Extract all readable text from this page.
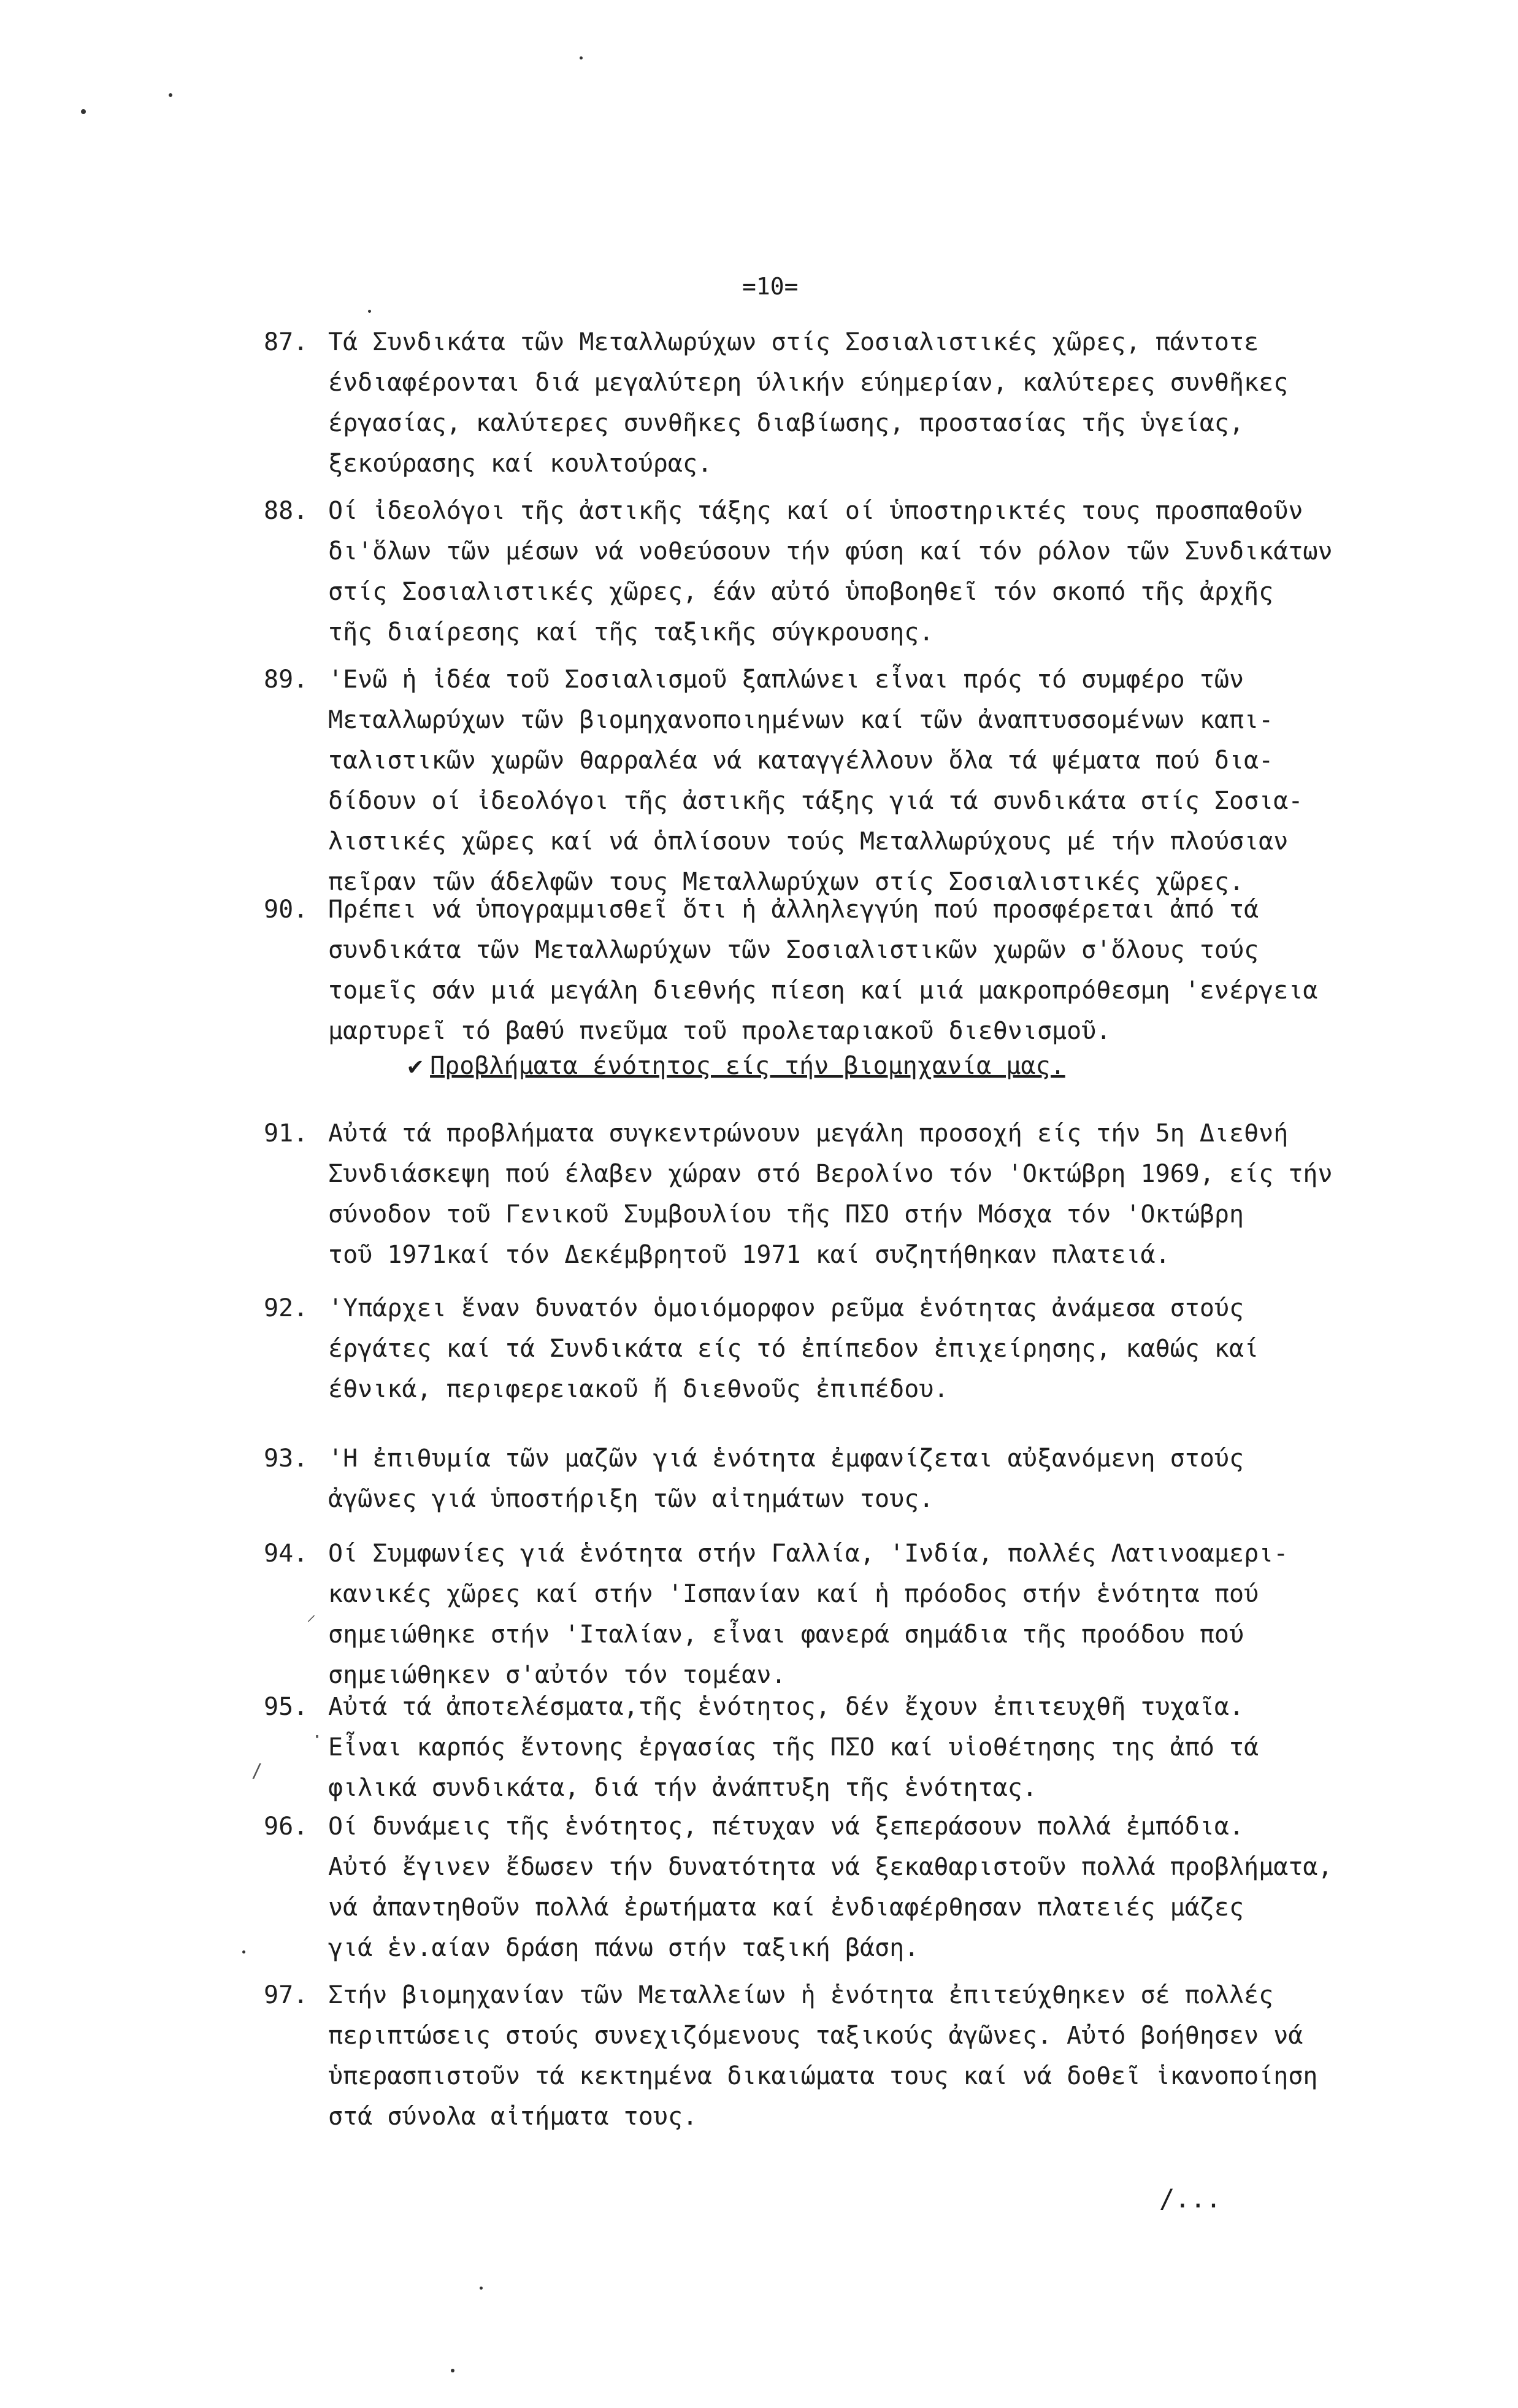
⸝
·
/
=10=
87. Τά Συνδικάτα τῶν Μεταλλωρύχων στίς Σοσιαλιστικές χῶρες, πάντοτε
ένδιαφέρονται διά μεγαλύτερη ύλικήν εύημερίαν, καλύτερες συνθῆκες
έργασίας, καλύτερες συνθῆκες διαβίωσης, προστασίας τῆς ὑγείας,
ξεκούρασης καί κουλτούρας.
88. Οί ἰδεολόγοι τῆς ἀστικῆς τάξης καί οί ὑποστηρικτές τους προσπαθοῦν
δι'ὅλων τῶν μέσων νά νοθεύσουν τήν φύση καί τόν ρόλον τῶν Συνδικάτων
στίς Σοσιαλιστικές χῶρες, έάν αὐτό ὑποβοηθεῖ τόν σκοπό τῆς ἀρχῆς
τῆς διαίρεσης καί τῆς ταξικῆς σύγκρουσης.
89. 'Ενῶ ἡ ἰδέα τοῦ Σοσιαλισμοῦ ξαπλώνει εἶναι πρός τό συμφέρο τῶν
Μεταλλωρύχων τῶν βιομηχανοποιημένων καί τῶν ἀναπτυσσομένων καπι-
ταλιστικῶν χωρῶν θαρραλέα νά καταγγέλλουν ὅλα τά ψέματα πού δια-
δίδουν οί ἰδεολόγοι τῆς ἀστικῆς τάξης γιά τά συνδικάτα στίς Σοσια-
λιστικές χῶρες καί νά ὁπλίσουν τούς Μεταλλωρύχους μέ τήν πλούσιαν
πεῖραν τῶν άδελφῶν τους Μεταλλωρύχων στίς Σοσιαλιστικές χῶρες.
90. Πρέπει νά ὑπογραμμισθεῖ ὅτι ἡ ἀλληλεγγύη πού προσφέρεται ἀπό τά
συνδικάτα τῶν Μεταλλωρύχων τῶν Σοσιαλιστικῶν χωρῶν σ'ὅλους τούς
τομεῖς σάν μιά μεγάλη διεθνής πίεση καί μιά μακροπρόθεσμη 'ενέργεια
μαρτυρεῖ τό βαθύ πνεῦμα τοῦ προλεταριακοῦ διεθνισμοῦ.
✔ Προβλήματα ένότητος είς τήν βιομηχανία μας.
91. Αὐτά τά προβλήματα συγκεντρώνουν μεγάλη προσοχή είς τήν 5η Διεθνή
Συνδιάσκεψη πού έλαβεν χώραν στό Βερολίνο τόν 'Οκτώβρη 1969, είς τήν
σύνοδον τοῦ Γενικοῦ Συμβουλίου τῆς ΠΣΟ στήν Μόσχα τόν 'Οκτώβρη
τοῦ 1971καί τόν Δεκέμβρητοῦ 1971 καί συζητήθηκαν πλατειά.
92. 'Υπάρχει ἕναν δυνατόν ὁμοιόμορφον ρεῦμα ἑνότητας ἀνάμεσα στούς
έργάτες καί τά Συνδικάτα είς τό ἐπίπεδον ἐπιχείρησης, καθώς καί
έθνικά, περιφερειακοῦ ἤ διεθνοῦς ἐπιπέδου.
93. 'Η ἐπιθυμία τῶν μαζῶν γιά ἑνότητα ἐμφανίζεται αὐξανόμενη στούς
ἀγῶνες γιά ὑποστήριξη τῶν αἰτημάτων τους.
94. Οί Συμφωνίες γιά ἑνότητα στήν Γαλλία, 'Ινδία, πολλές Λατινοαμερι-
κανικές χῶρες καί στήν 'Ισπανίαν καί ἡ πρόοδος στήν ἑνότητα πού
σημειώθηκε στήν 'Ιταλίαν, εἶναι φανερά σημάδια τῆς προόδου πού
σημειώθηκεν σ'αὐτόν τόν τομέαν.
95. Αὐτά τά ἀποτελέσματα,τῆς ἑνότητος, δέν ἔχουν ἐπιτευχθῆ τυχαῖα.
Εἶναι καρπός ἔντονης ἐργασίας τῆς ΠΣΟ καί υἱοθέτησης της ἀπό τά
φιλικά συνδικάτα, διά τήν ἀνάπτυξη τῆς ἑνότητας.
96. Οί δυνάμεις τῆς ἑνότητος, πέτυχαν νά ξεπεράσουν πολλά ἐμπόδια.
Αὐτό ἔγινεν ἔδωσεν τήν δυνατότητα νά ξεκαθαριστοῦν πολλά προβλήματα,
νά ἀπαντηθοῦν πολλά ἐρωτήματα καί ἐνδιαφέρθησαν πλατειές μάζες
γιά ἑν.αίαν δράση πάνω στήν ταξική βάση.
97. Στήν βιομηχανίαν τῶν Μεταλλείων ἡ ἑνότητα ἐπιτεύχθηκεν σέ πολλές
περιπτώσεις στούς συνεχιζόμενους ταξικούς ἀγῶνες. Αὐτό βοήθησεν νά
ὑπερασπιστοῦν τά κεκτημένα δικαιώματα τους καί νά δοθεῖ ἱκανοποίηση
στά σύνολα αἰτήματα τους.
/...
